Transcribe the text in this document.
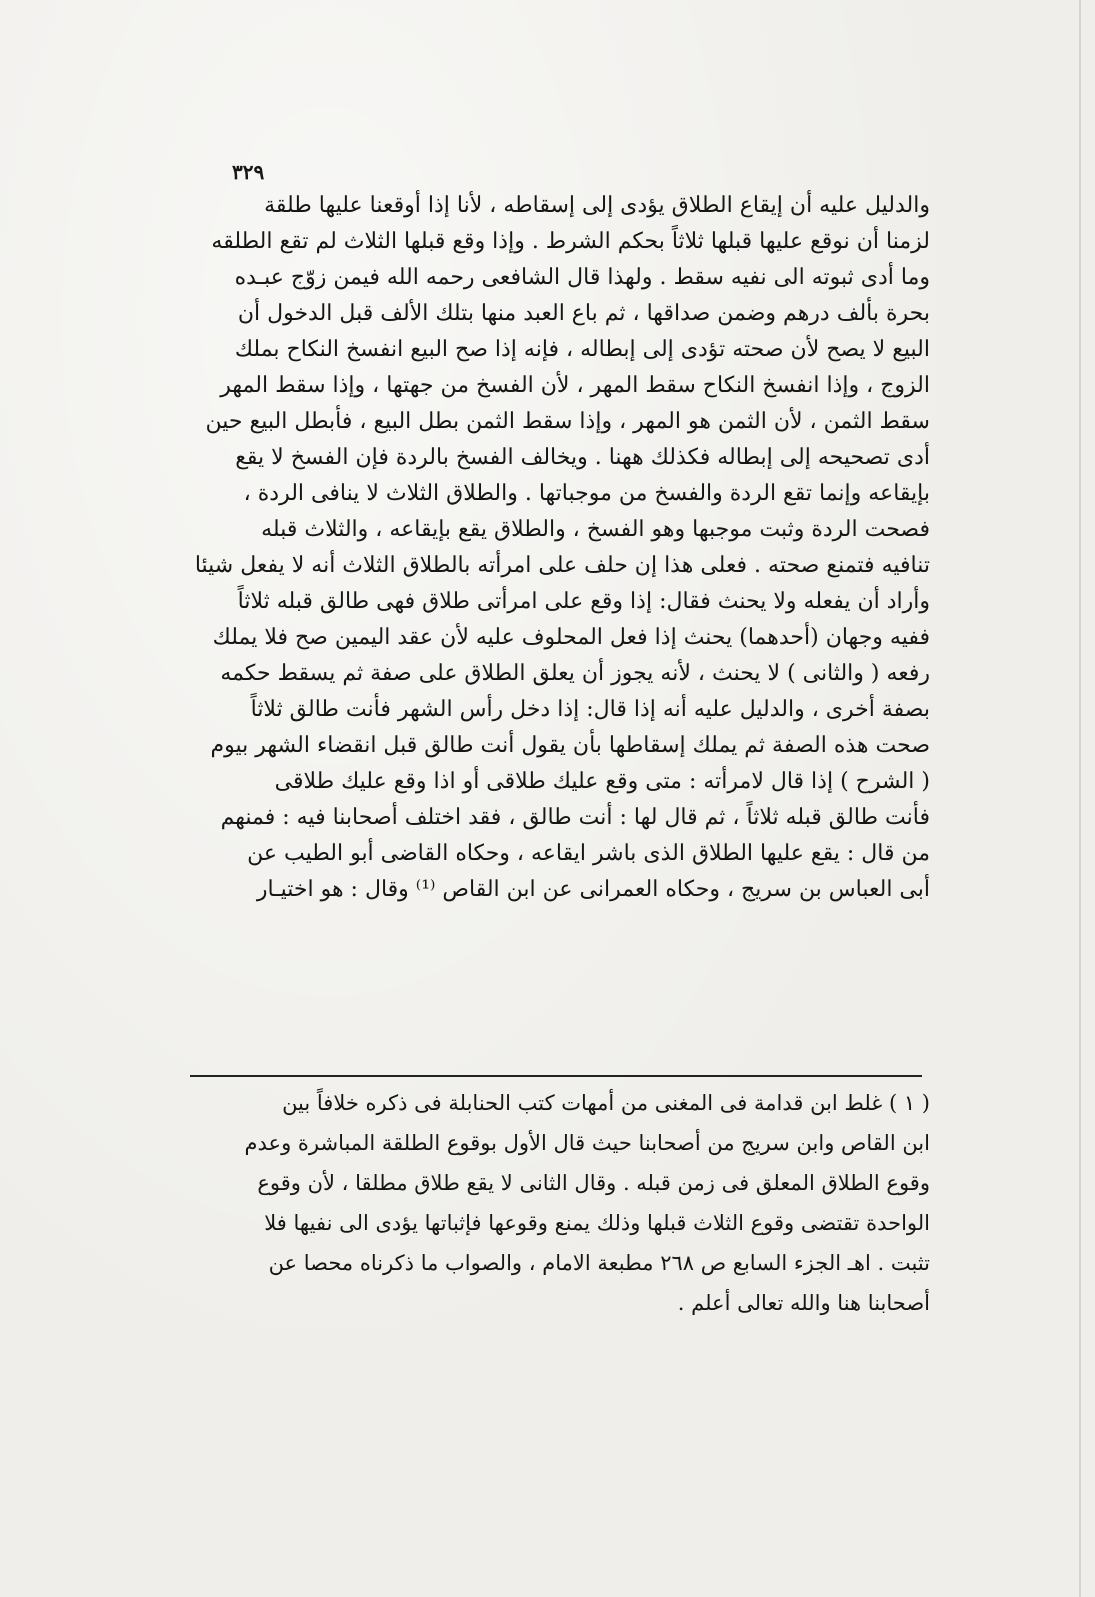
٣٢٩
والدليل عليه أن إيقاع الطلاق يؤدى إلى إسقاطه ، لأنا إذا أوقعنا عليها طلقة
لزمنا أن نوقع عليها قبلها ثلاثاً بحكم الشرط . وإذا وقع قبلها الثلاث لم تقع الطلقه
وما أدى ثبوته الى نفيه سقط . ولهذا قال الشافعى رحمه الله فيمن زوّج عبـده
بحرة بألف درهم وضمن صداقها ، ثم باع العبد منها بتلك الألف قبل الدخول أن
البيع لا يصح لأن صحته تؤدى إلى إبطاله ، فإنه إذا صح البيع انفسخ النكاح بملك
الزوج ، وإذا انفسخ النكاح سقط المهر ، لأن الفسخ من جهتها ، وإذا سقط المهر
سقط الثمن ، لأن الثمن هو المهر ، وإذا سقط الثمن بطل البيع ، فأبطل البيع حين
أدى تصحيحه إلى إبطاله فكذلك ههنا . ويخالف الفسخ بالردة فإن الفسخ لا يقع
بإيقاعه وإنما تقع الردة والفسخ من موجباتها . والطلاق الثلاث لا ينافى الردة ،
فصحت الردة وثبت موجبها وهو الفسخ ، والطلاق يقع بإيقاعه ، والثلاث قبله
تنافيه فتمنع صحته . فعلى هذا إن حلف على امرأته بالطلاق الثلاث أنه لا يفعل شيئا
وأراد أن يفعله ولا يحنث فقال: إذا وقع على امرأتى طلاق فهى طالق قبله ثلاثاً
ففيه وجهان (أحدهما) يحنث إذا فعل المحلوف عليه لأن عقد اليمين صح فلا يملك
رفعه ( والثانى ) لا يحنث ، لأنه يجوز أن يعلق الطلاق على صفة ثم يسقط حكمه
بصفة أخرى ، والدليل عليه أنه إذا قال: إذا دخل رأس الشهر فأنت طالق ثلاثاً
صحت هذه الصفة ثم يملك إسقاطها بأن يقول أنت طالق قبل انقضاء الشهر بيوم
( الشرح ) إذا قال لامرأته : متى وقع عليك طلاقى أو اذا وقع عليك طلاقى
فأنت طالق قبله ثلاثاً ، ثم قال لها : أنت طالق ، فقد اختلف أصحابنا فيه : فمنهم
من قال : يقع عليها الطلاق الذى باشر ايقاعه ، وحكاه القاضى أبو الطيب عن
أبى العباس بن سريج ، وحكاه العمرانى عن ابن القاص ⁽¹⁾ وقال : هو اختيـار
( ١ ) غلط ابن قدامة فى المغنى من أمهات كتب الحنابلة فى ذكره خلافاً بين
ابن القاص وابن سريج من أصحابنا حيث قال الأول بوقوع الطلقة المباشرة وعدم
وقوع الطلاق المعلق فى زمن قبله . وقال الثانى لا يقع طلاق مطلقا ، لأن وقوع
الواحدة تقتضى وقوع الثلاث قبلها وذلك يمنع وقوعها فإثباتها يؤدى الى نفيها فلا
تثبت . اهـ الجزء السابع ص ٢٦٨ مطبعة الامام ، والصواب ما ذكرناه محصا عن
أصحابنا هنا والله تعالى أعلم .
